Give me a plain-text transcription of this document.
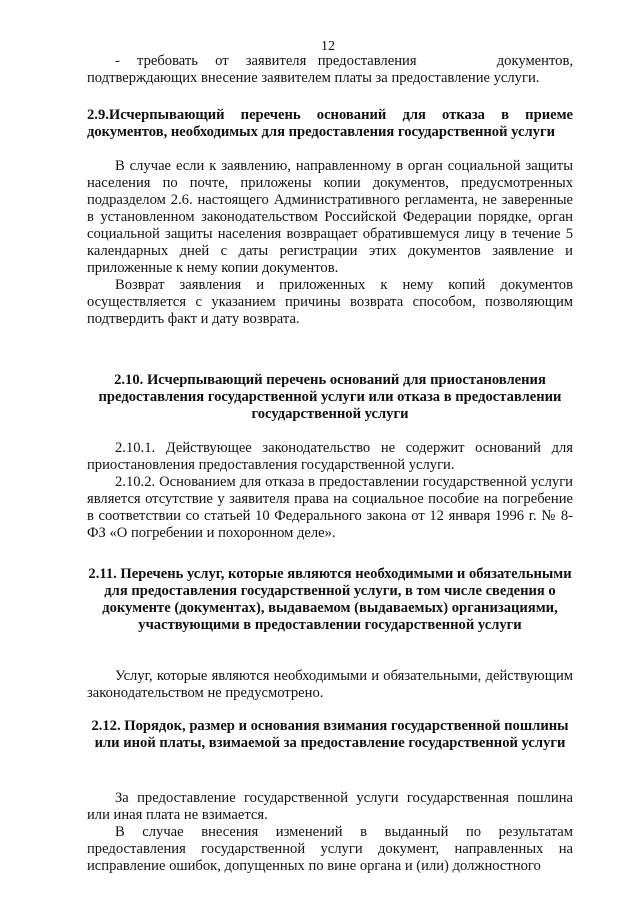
12

-   требовать   от   заявителя  предоставления              документов,

подтверждающих внесение заявителем платы за предоставление услуги.

2.9.Исчерпывающий перечень оснований для отказа в приеме документов, необходимых для предоставления государственной услуги

В случае если к заявлению, направленному в орган социальной защиты населения по почте, приложены копии документов, предусмотренных подразделом 2.6. настоящего Административного регламента, не заверенные в установленном законодательством Российской Федерации порядке, орган социальной защиты населения возвращает обратившемуся лицу в течение 5 календарных дней с даты регистрации этих документов заявление и приложенные к нему копии документов.

Возврат заявления и приложенных к нему копий документов осуществляется с указанием причины возврата способом, позволяющим подтвердить факт и дату возврата.

2.10. Исчерпывающий перечень оснований для приостановления предоставления государственной услуги или отказа в предоставлении государственной услуги

2.10.1. Действующее законодательство не содержит оснований для приостановления предоставления государственной услуги.

2.10.2. Основанием для отказа в предоставлении государственной услуги является отсутствие у заявителя права на социальное пособие на погребение в соответствии со статьей 10 Федерального закона от 12 января 1996 г. № 8-ФЗ «О погребении и похоронном деле».

2.11. Перечень услуг, которые являются необходимыми и обязательными для предоставления государственной услуги, в том числе сведения о документе (документах), выдаваемом (выдаваемых) организациями, участвующими в предоставлении государственной услуги

Услуг, которые являются необходимыми и обязательными, действующим законодательством не предусмотрено.

2.12. Порядок, размер и основания взимания государственной пошлины или иной платы, взимаемой за предоставление государственной услуги

За предоставление государственной услуги государственная пошлина или иная плата не взимается.

В случае внесения изменений в выданный по результатам предоставления государственной услуги документ, направленных на исправление ошибок, допущенных по вине органа и (или) должностного
